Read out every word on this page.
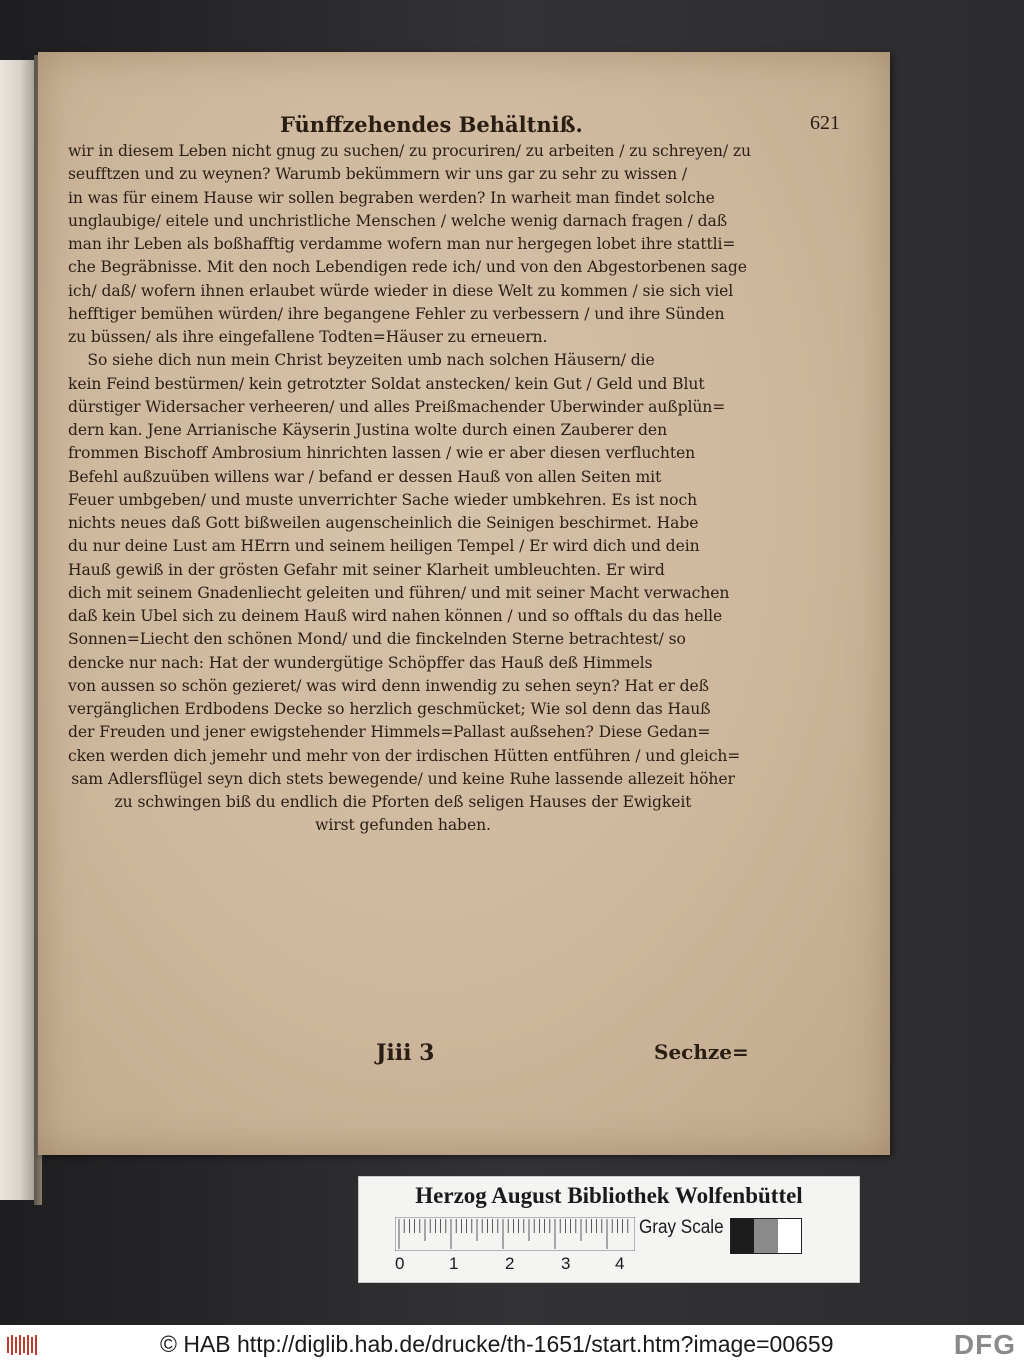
Fünffzehendes Behältniß.	621
wir in diesem Leben nicht gnug zu suchen/ zu procuriren/ zu arbeiten / zu schreyen/ zu
seufftzen und zu weynen? Warumb bekümmern wir uns gar zu sehr zu wissen /
in was für einem Hause wir sollen begraben werden? In warheit man findet solche
unglaubige/ eitele und unchristliche Menschen / welche wenig darnach fragen / daß
man ihr Leben als boßhafftig verdamme wofern man nur hergegen lobet ihre stattli=
che Begräbnisse. Mit den noch Lebendigen rede ich/ und von den Abgestorbenen sage
ich/ daß/ wofern ihnen erlaubet würde wieder in diese Welt zu kommen / sie sich viel
hefftiger bemühen würden/ ihre begangene Fehler zu verbessern / und ihre Sünden
zu büssen/ als ihre eingefallene Todten=Häuser zu erneuern.
So siehe dich nun mein Christ beyzeiten umb nach solchen Häusern/ die
kein Feind bestürmen/ kein getrotzter Soldat anstecken/ kein Gut / Geld und Blut
dürstiger Widersacher verheeren/ und alles Preißmachender Uberwinder außplün=
dern kan. Jene Arrianische Käyserin Justina wolte durch einen Zauberer den
frommen Bischoff Ambrosium hinrichten lassen / wie er aber diesen verfluchten
Befehl außzuüben willens war / befand er dessen Hauß von allen Seiten mit
Feuer umbgeben/ und muste unverrichter Sache wieder umbkehren. Es ist noch
nichts neues daß Gott bißweilen augenscheinlich die Seinigen beschirmet. Habe
du nur deine Lust am HErrn und seinem heiligen Tempel / Er wird dich und dein
Hauß gewiß in der grösten Gefahr mit seiner Klarheit umbleuchten. Er wird
dich mit seinem Gnadenliecht geleiten und führen/ und mit seiner Macht verwachen
daß kein Ubel sich zu deinem Hauß wird nahen können / und so offtals du das helle
Sonnen=Liecht den schönen Mond/ und die finckelnden Sterne betrachtest/ so
dencke nur nach: Hat der wundergütige Schöpffer das Hauß deß Himmels
von aussen so schön gezieret/ was wird denn inwendig zu sehen seyn? Hat er deß
vergänglichen Erdbodens Decke so herzlich geschmücket; Wie sol denn das Hauß
der Freuden und jener ewigstehender Himmels=Pallast außsehen? Diese Gedan=
cken werden dich jemehr und mehr von der irdischen Hütten entführen / und gleich=
sam Adlersflügel seyn dich stets bewegende/ und keine Ruhe lassende allezeit höher
zu schwingen biß du endlich die Pforten deß seligen Hauses der Ewigkeit
wirst gefunden haben.
Jiii 3	Sechze=
Herzog August Bibliothek Wolfenbüttel
0	1	2	3	4
Gray Scale
© HAB http://diglib.hab.de/drucke/th-1651/start.htm?image=00659	DFG
